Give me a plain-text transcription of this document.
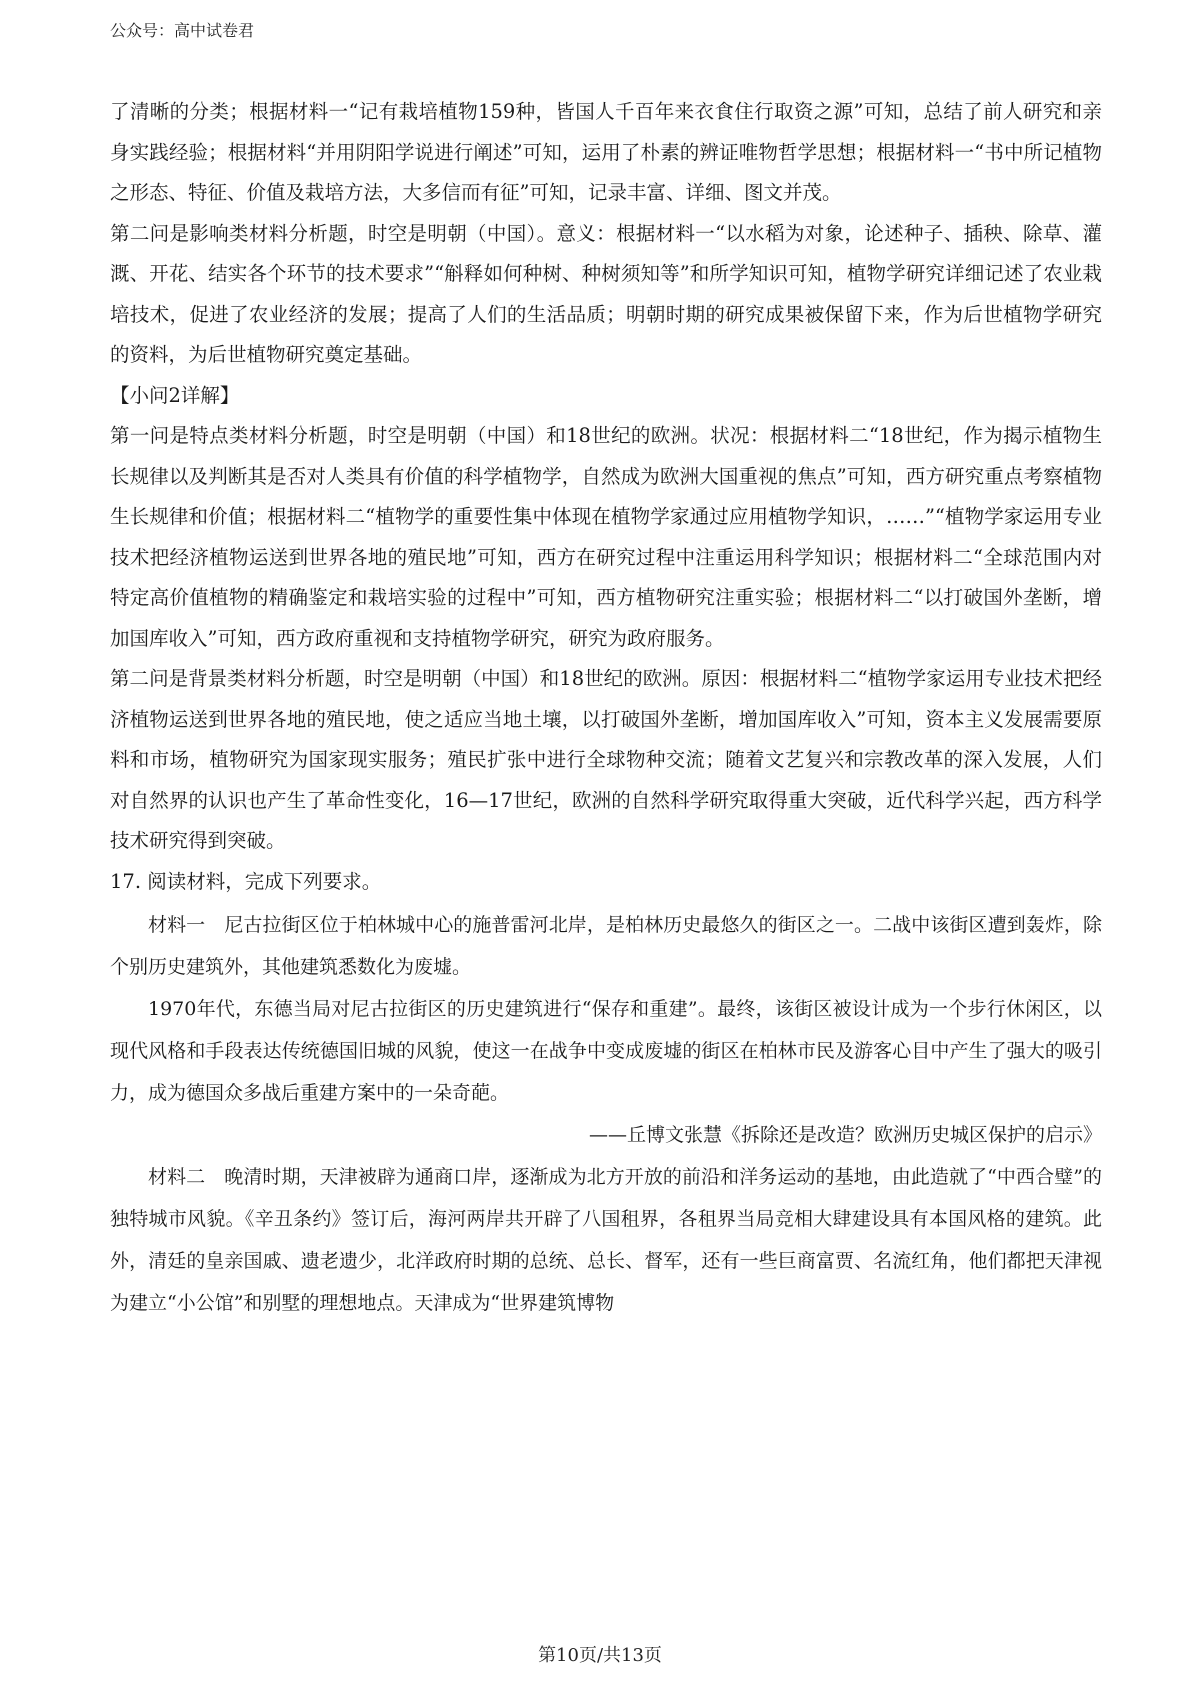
公众号：高中试卷君

了清晰的分类；根据材料一“记有栽培植物159种，皆国人千百年来衣食住行取资之源”可知，总结了前人研究和亲身实践经验；根据材料“并用阴阳学说进行阐述”可知，运用了朴素的辨证唯物哲学思想；根据材料一“书中所记植物之形态、特征、价值及栽培方法，大多信而有征”可知，记录丰富、详细、图文并茂。

第二问是影响类材料分析题，时空是明朝（中国）。意义：根据材料一“以水稻为对象，论述种子、插秧、除草、灌溉、开花、结实各个环节的技术要求”“斛释如何种树、种树须知等”和所学知识可知，植物学研究详细记述了农业栽培技术，促进了农业经济的发展；提高了人们的生活品质；明朝时期的研究成果被保留下来，作为后世植物学研究的资料，为后世植物研究奠定基础。

【小问2详解】

第一问是特点类材料分析题，时空是明朝（中国）和18世纪的欧洲。状况：根据材料二“18世纪，作为揭示植物生长规律以及判断其是否对人类具有价值的科学植物学，自然成为欧洲大国重视的焦点”可知，西方研究重点考察植物生长规律和价值；根据材料二“植物学的重要性集中体现在植物学家通过应用植物学知识，……”“植物学家运用专业技术把经济植物运送到世界各地的殖民地”可知，西方在研究过程中注重运用科学知识；根据材料二“全球范围内对特定高价值植物的精确鉴定和栽培实验的过程中”可知，西方植物研究注重实验；根据材料二“以打破国外垄断，增加国库收入”可知，西方政府重视和支持植物学研究，研究为政府服务。

第二问是背景类材料分析题，时空是明朝（中国）和18世纪的欧洲。原因：根据材料二“植物学家运用专业技术把经济植物运送到世界各地的殖民地，使之适应当地土壤，以打破国外垄断，增加国库收入”可知，资本主义发展需要原料和市场，植物研究为国家现实服务；殖民扩张中进行全球物种交流；随着文艺复兴和宗教改革的深入发展，人们对自然界的认识也产生了革命性变化，16—17世纪，欧洲的自然科学研究取得重大突破，近代科学兴起，西方科学技术研究得到突破。

17. 阅读材料，完成下列要求。

材料一　尼古拉街区位于柏林城中心的施普雷河北岸，是柏林历史最悠久的街区之一。二战中该街区遭到轰炸，除个别历史建筑外，其他建筑悉数化为废墟。

1970年代，东德当局对尼古拉街区的历史建筑进行“保存和重建”。最终，该街区被设计成为一个步行休闲区，以现代风格和手段表达传统德国旧城的风貌，使这一在战争中变成废墟的街区在柏林市民及游客心目中产生了强大的吸引力，成为德国众多战后重建方案中的一朵奇葩。

——丘博文张慧《拆除还是改造？欧洲历史城区保护的启示》

材料二　晚清时期，天津被辟为通商口岸，逐渐成为北方开放的前沿和洋务运动的基地，由此造就了“中西合璧”的独特城市风貌。《辛丑条约》签订后，海河两岸共开辟了八国租界，各租界当局竞相大肆建设具有本国风格的建筑。此外，清廷的皇亲国戚、遗老遗少，北洋政府时期的总统、总长、督军，还有一些巨商富贾、名流红角，他们都把天津视为建立“小公馆”和别墅的理想地点。天津成为“世界建筑博物

第10页/共13页
